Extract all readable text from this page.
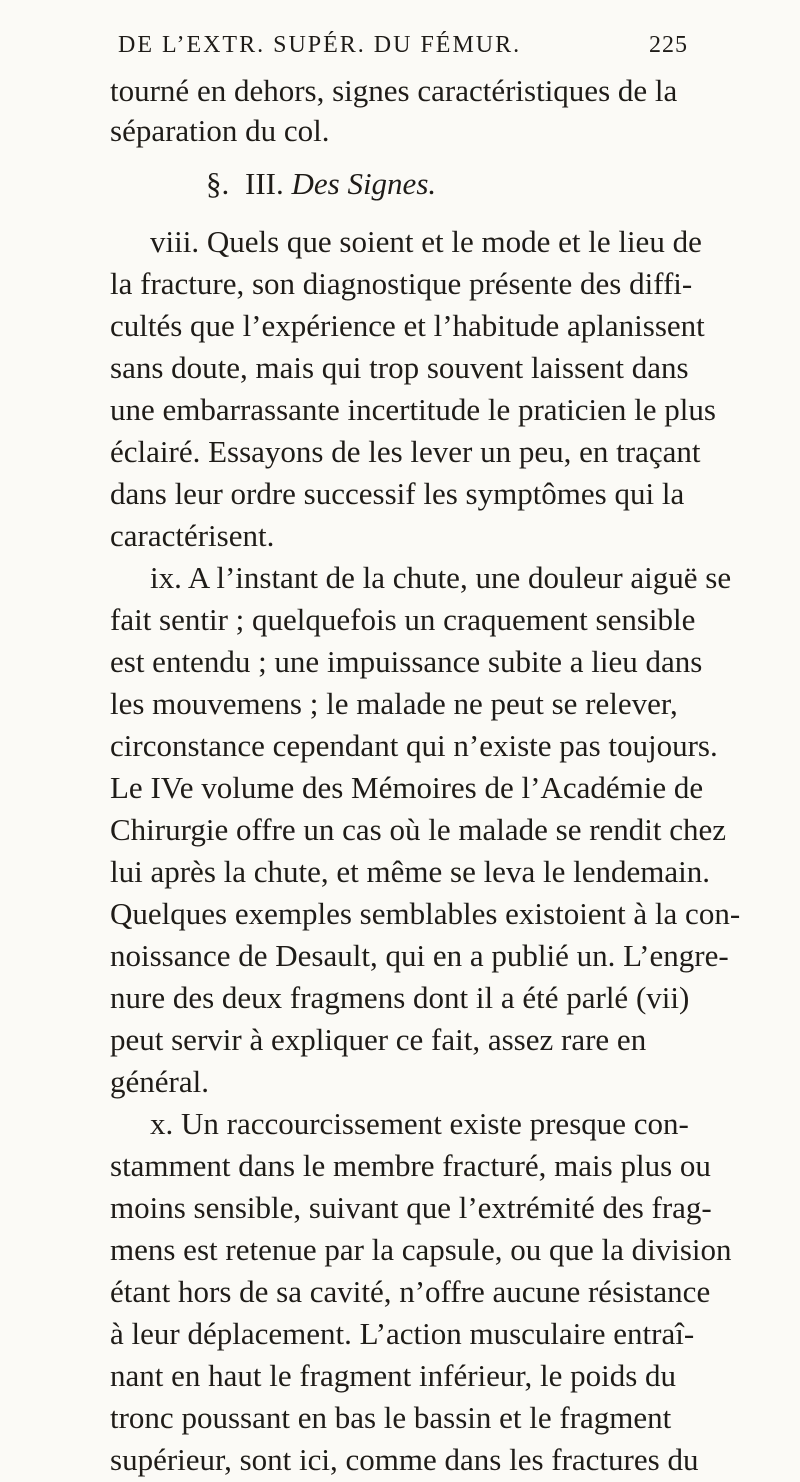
DE L’EXTR. SUPÉR. DU FÉMUR.	225
tourné en dehors, signes caractéristiques de la
séparation du col.
§. III. Des Signes.
viii. Quels que soient et le mode et le lieu de
la fracture, son diagnostique présente des diffi-
cultés que l’expérience et l’habitude aplanissent
sans doute, mais qui trop souvent laissent dans
une embarrassante incertitude le praticien le plus
éclairé. Essayons de les lever un peu, en traçant
dans leur ordre successif les symptômes qui la
caractérisent.
ix. A l’instant de la chute, une douleur aiguë se
fait sentir ; quelquefois un craquement sensible
est entendu ; une impuissance subite a lieu dans
les mouvemens ; le malade ne peut se relever,
circonstance cependant qui n’existe pas toujours.
Le IVe volume des Mémoires de l’Académie de
Chirurgie offre un cas où le malade se rendit chez
lui après la chute, et même se leva le lendemain.
Quelques exemples semblables existoient à la con-
noissance de Desault, qui en a publié un. L’engre-
nure des deux fragmens dont il a été parlé (vii)
peut servir à expliquer ce fait, assez rare en
général.
x. Un raccourcissement existe presque con-
stamment dans le membre fracturé, mais plus ou
moins sensible, suivant que l’extrémité des frag-
mens est retenue par la capsule, ou que la division
étant hors de sa cavité, n’offre aucune résistance
à leur déplacement. L’action musculaire entraî-
nant en haut le fragment inférieur, le poids du
tronc poussant en bas le bassin et le fragment
supérieur, sont ici, comme dans les fractures du
